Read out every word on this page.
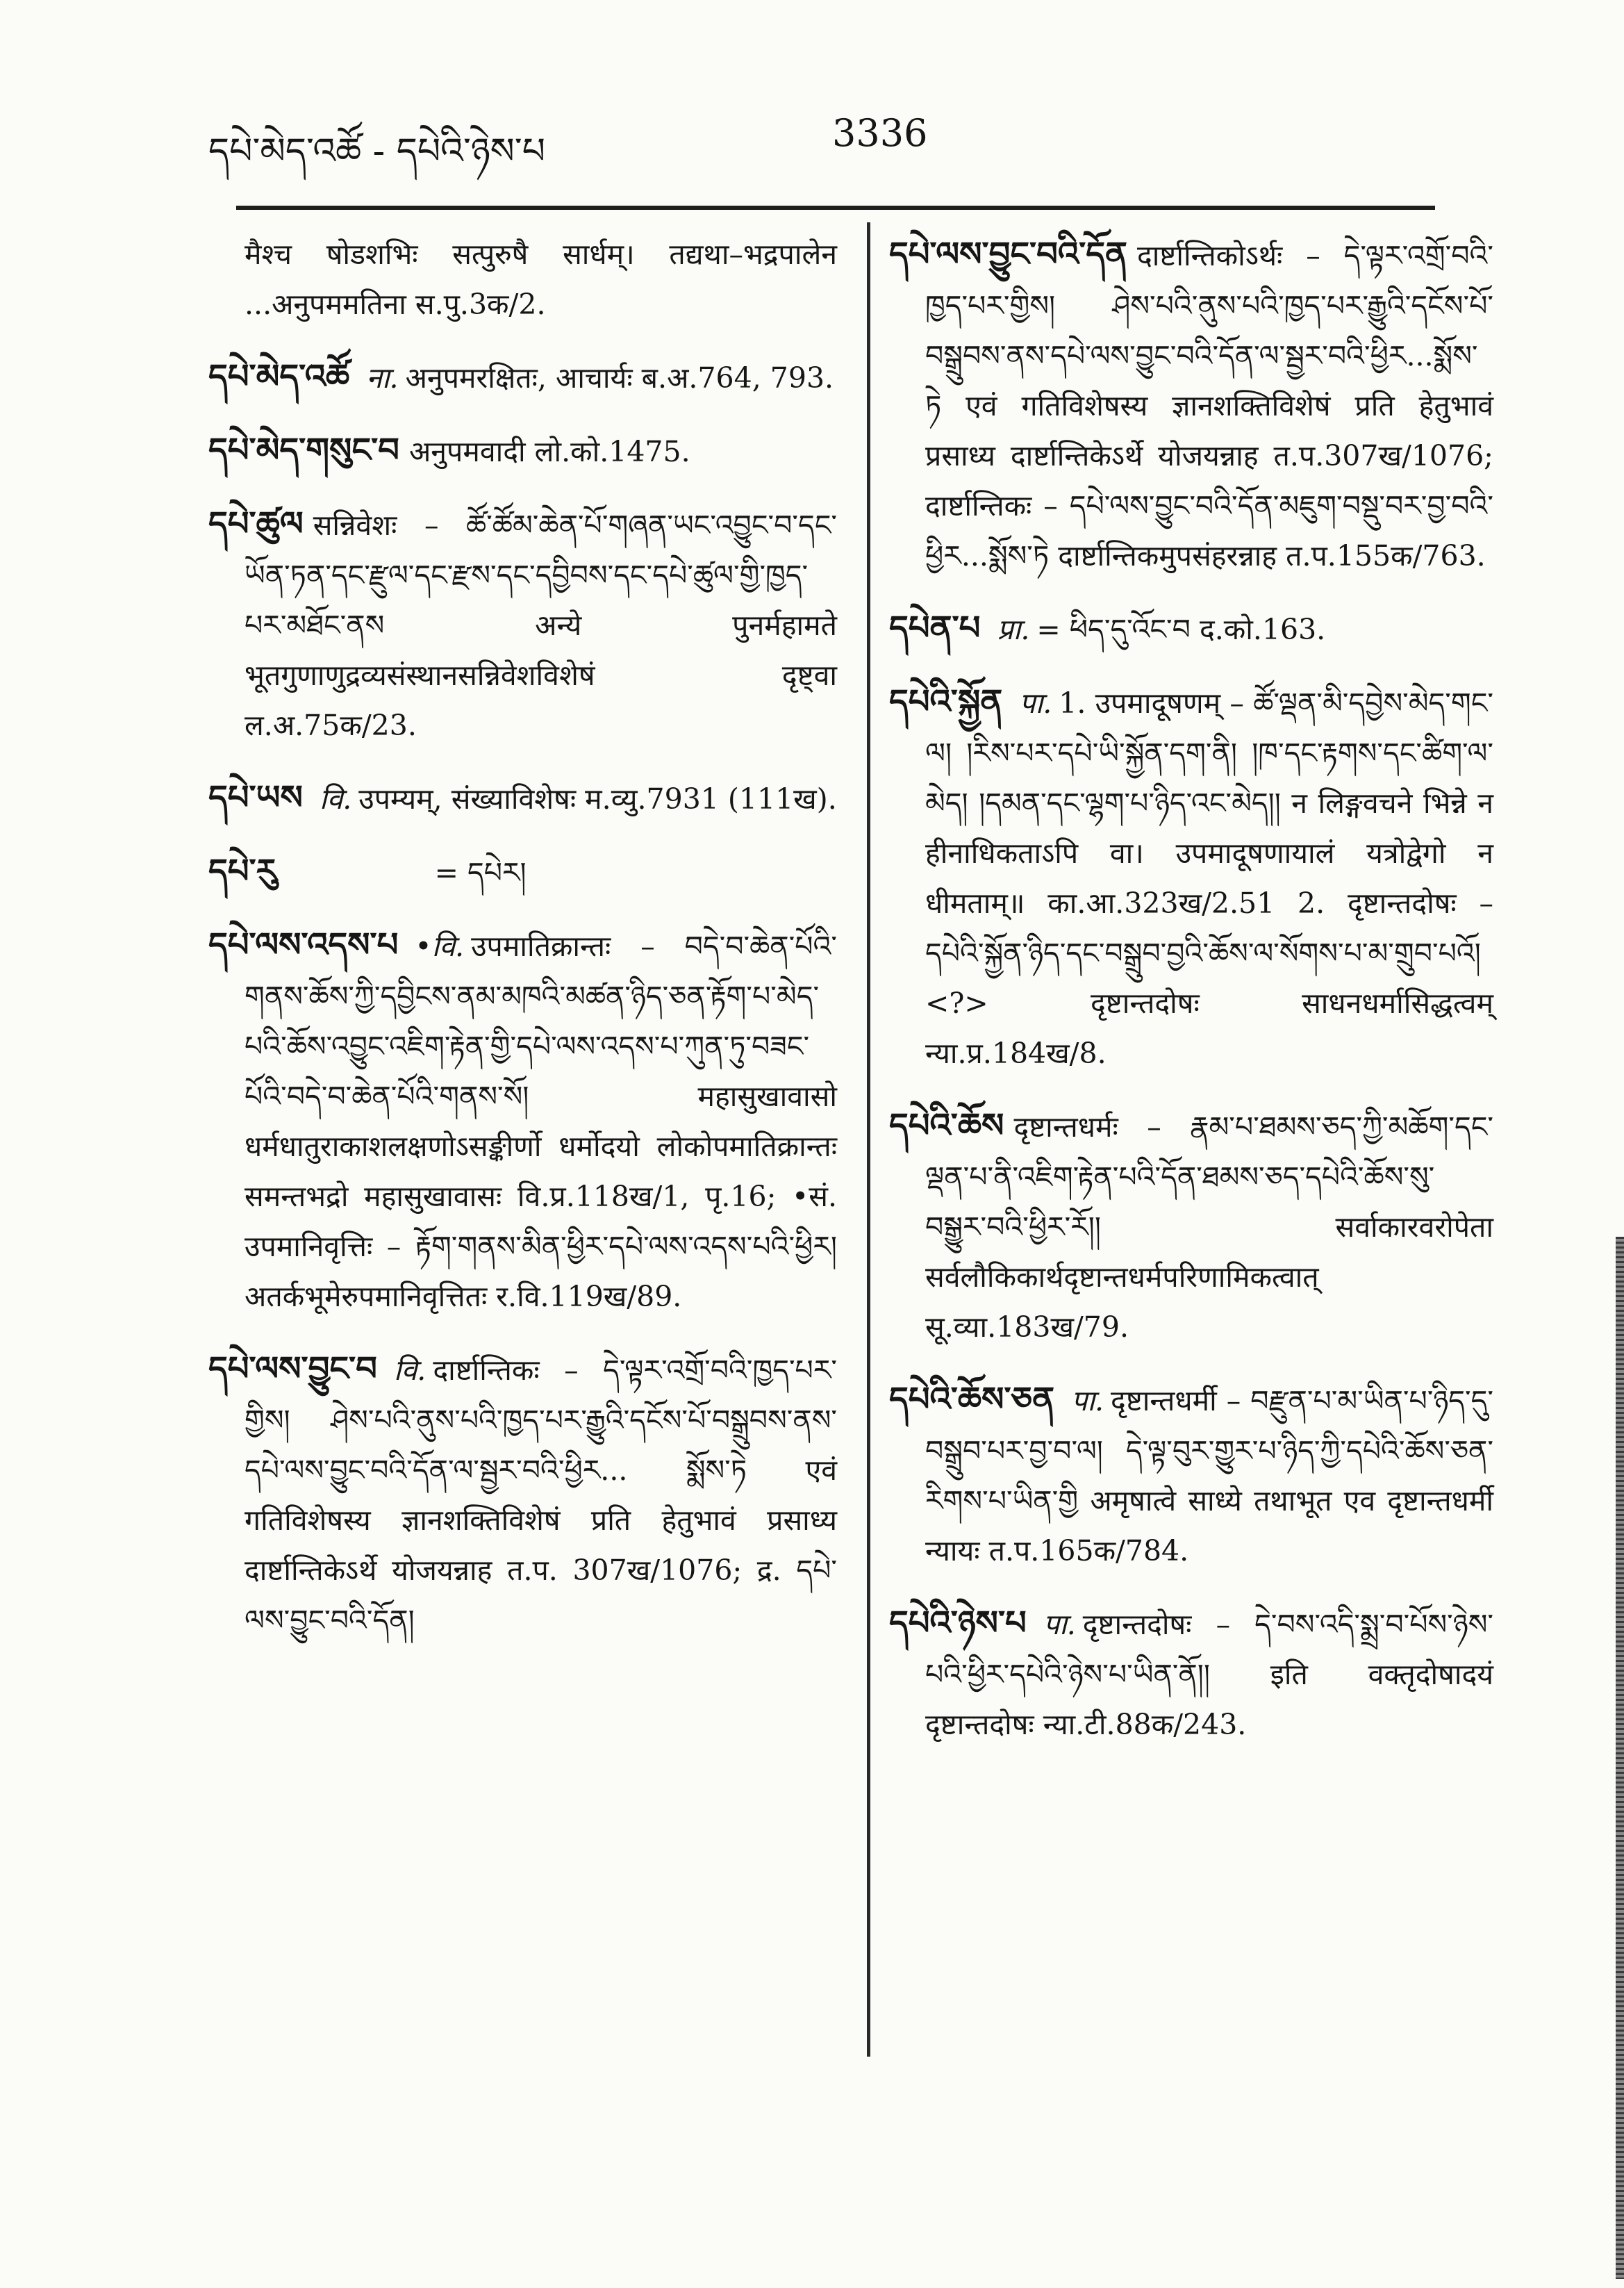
དཔེ་མེད་འཚོ - དཔེའི་ཉེས་པ	3336
मैश्च षोडशभिः सत्पुरुषै सार्धम्। तद्यथा–भद्रपालेन ...अनुपममतिना स.पु.3क/2.
དཔེ་མེད་འཚོ ना. अनुपमरक्षितः, आचार्यः ब.अ.764, 793.
དཔེ་མེད་གསུང་བ अनुपमवादी लो.को.1475.
དཔེ་ཚུལ सन्निवेशः – ཚོ་ཚོམ་ཆེན་པོ་གཞན་ཡང་འབྱུང་བ་དང་ཡོན་ཏན་དང་རྫུལ་དང་རྫས་དང་དབྱིབས་དང་དཔེ་ཚུལ་གྱི་ཁྱད་པར་མཐོང་ནས अन्ये पुनर्महामते भूतगुणाणुद्रव्यसंस्थानसन्निवेशविशेषं दृष्ट्वा ल.अ.75क/23.
དཔེ་ཡས वि. उपम्यम्, संख्याविशेषः म.व्यु.7931 (111ख).
དཔེ་རུ	= དཔེར།
དཔེ་ལས་འདས་པ •वि. उपमातिक्रान्तः – བདེ་བ་ཆེན་པོའི་གནས་ཆོས་ཀྱི་དབྱིངས་ནམ་མཁའི་མཚན་ཉིད་ཅན་རྟོག་པ་མེད་པའི་ཆོས་འབྱུང་འཇིག་རྟེན་གྱི་དཔེ་ལས་འདས་པ་ཀུན་ཏུ་བཟང་པོའི་བདེ་བ་ཆེན་པོའི་གནས་སོ། महासुखावासो धर्मधातुराकाशलक्षणोऽसङ्कीर्णो धर्मोदयो लोकोपमातिक्रान्तः समन्तभद्रो महासुखावासः वि.प्र.118ख/1, पृ.16; •सं. उपमानिवृत्तिः – རྟོག་གནས་མིན་ཕྱིར་དཔེ་ལས་འདས་པའི་ཕྱིར། अतर्कभूमेरुपमानिवृत्तितः र.वि.119ख/89.
དཔེ་ལས་བྱུང་བ वि. दार्ष्टान्तिकः – དེ་ལྟར་འགྲོ་བའི་ཁྱད་པར་གྱིས། ཤེས་པའི་ནུས་པའི་ཁྱད་པར་རྒྱུའི་དངོས་པོ་བསྒྲུབས་ནས་དཔེ་ལས་བྱུང་བའི་དོན་ལ་སྦྱར་བའི་ཕྱིར... སྨོས་ཏེ एवं गतिविशेषस्य ज्ञानशक्तिविशेषं प्रति हेतुभावं प्रसाध्य दार्ष्टान्तिकेऽर्थे योजयन्नाह त.प. 307ख/1076; द्र. དཔེ་ལས་བྱུང་བའི་དོན།
དཔེ་ལས་བྱུང་བའི་དོན दार्ष्टान्तिकोऽर्थः – དེ་ལྟར་འགྲོ་བའི་ཁྱད་པར་གྱིས། ཤེས་པའི་ནུས་པའི་ཁྱད་པར་རྒྱུའི་དངོས་པོ་བསྒྲུབས་ནས་དཔེ་ལས་བྱུང་བའི་དོན་ལ་སྦྱར་བའི་ཕྱིར...སྨོས་ཏེ एवं गतिविशेषस्य ज्ञानशक्तिविशेषं प्रति हेतुभावं प्रसाध्य दार्ष्टान्तिकेऽर्थे योजयन्नाह त.प.307ख/1076; दार्ष्टान्तिकः – དཔེ་ལས་བྱུང་བའི་དོན་མཇུག་བསྡུ་བར་བྱ་བའི་ཕྱིར...སྨོས་ཏེ दार्ष्टान्तिकमुपसंहरन्नाह त.प.155क/763.
དཔེན་པ प्रा. = ཕིད་དུ་འོང་བ द.को.163.
དཔེའི་སྐྱོན पा. 1. उपमादूषणम् – ཚོ་ལྡན་མི་དབྱེས་མེད་གང་ལ། །རིས་པར་དཔེ་ཡི་སྐྱོན་དག་ནི། །ཁ་དང་རྟགས་དང་ཚིག་ལ་མེད། །དམན་དང་ལྷག་པ་ཉིད་འང་མེད།། न लिङ्गवचने भिन्ने न हीनाधिकताऽपि वा। उपमादूषणायालं यत्रोद्वेगो न धीमताम्॥ का.आ.323ख/2.51 2. दृष्टान्तदोषः – དཔེའི་སྐྱོན་ཉིད་དང་བསྒྲུབ་བྱའི་ཆོས་ལ་སོགས་པ་མ་གྲུབ་པའོ། <?> दृष्टान्तदोषः साधनधर्मासिद्धत्वम् न्या.प्र.184ख/8.
དཔེའི་ཆོས दृष्टान्तधर्मः – རྣམ་པ་ཐམས་ཅད་ཀྱི་མཆོག་དང་ལྡན་པ་ནི་འཇིག་རྟེན་པའི་དོན་ཐམས་ཅད་དཔེའི་ཆོས་སུ་བསྒྱུར་བའི་ཕྱིར་རོ།། सर्वाकारवरोपेता सर्वलौकिकार्थदृष्टान्तधर्मपरिणामिकत्वात् सू.व्या.183ख/79.
དཔེའི་ཆོས་ཅན पा. दृष्टान्तधर्मी – བརྫུན་པ་མ་ཡིན་པ་ཉིད་དུ་བསྒྲུབ་པར་བྱ་བ་ལ། དེ་ལྟ་བུར་གྱུར་པ་ཉིད་ཀྱི་དཔེའི་ཆོས་ཅན་རིགས་པ་ཡིན་གྱི अमृषात्वे साध्ये तथाभूत एव दृष्टान्तधर्मी न्यायः त.प.165क/784.
དཔེའི་ཉེས་པ पा. दृष्टान्तदोषः – དེ་བས་འདི་སྨྲ་བ་པོས་ཉེས་པའི་ཕྱིར་དཔེའི་ཉེས་པ་ཡིན་ནོ།། इति वक्तृदोषादयं दृष्टान्तदोषः न्या.टी.88क/243.
